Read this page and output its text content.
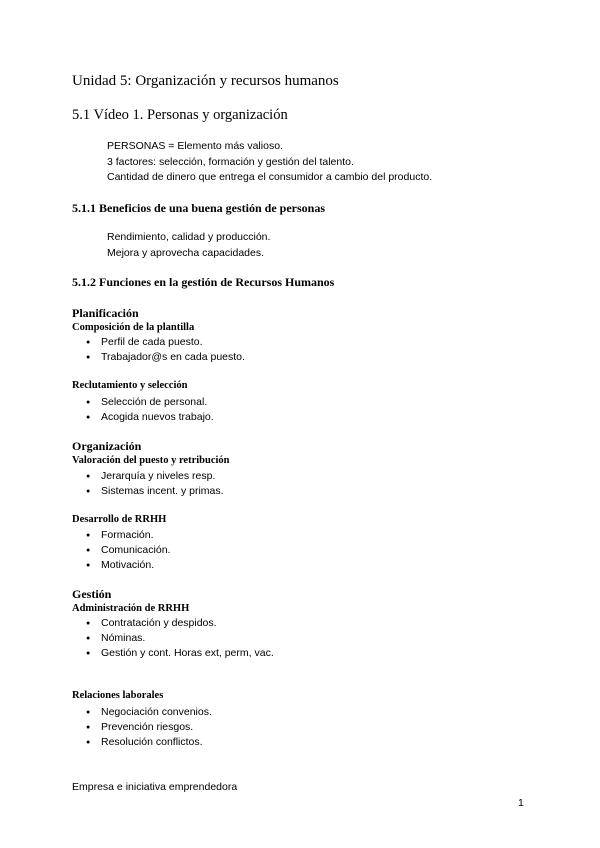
Unidad 5: Organización y recursos humanos
5.1 Vídeo 1. Personas y organización
PERSONAS = Elemento más valioso.
3 factores: selección, formación y gestión del talento.
Cantidad de dinero que entrega el consumidor a cambio del producto.
5.1.1 Beneficios de una buena gestión de personas
Rendimiento, calidad y producción.
Mejora y aprovecha capacidades.
5.1.2 Funciones en la gestión de Recursos Humanos
Planificación
Composición de la plantilla
● Perfil de cada puesto.
● Trabajador@s en cada puesto.
Reclutamiento y selección
● Selección de personal.
● Acogida nuevos trabajo.
Organización
Valoración del puesto y retribución
● Jerarquía y niveles resp.
● Sistemas incent. y primas.
Desarrollo de RRHH
● Formación.
● Comunicación.
● Motivación.
Gestión
Administración de RRHH
● Contratación y despidos.
● Nóminas.
● Gestión y cont. Horas ext, perm, vac.
Relaciones laborales
● Negociación convenios.
● Prevención riesgos.
● Resolución conflictos.
Empresa e iniciativa emprendedora
1
